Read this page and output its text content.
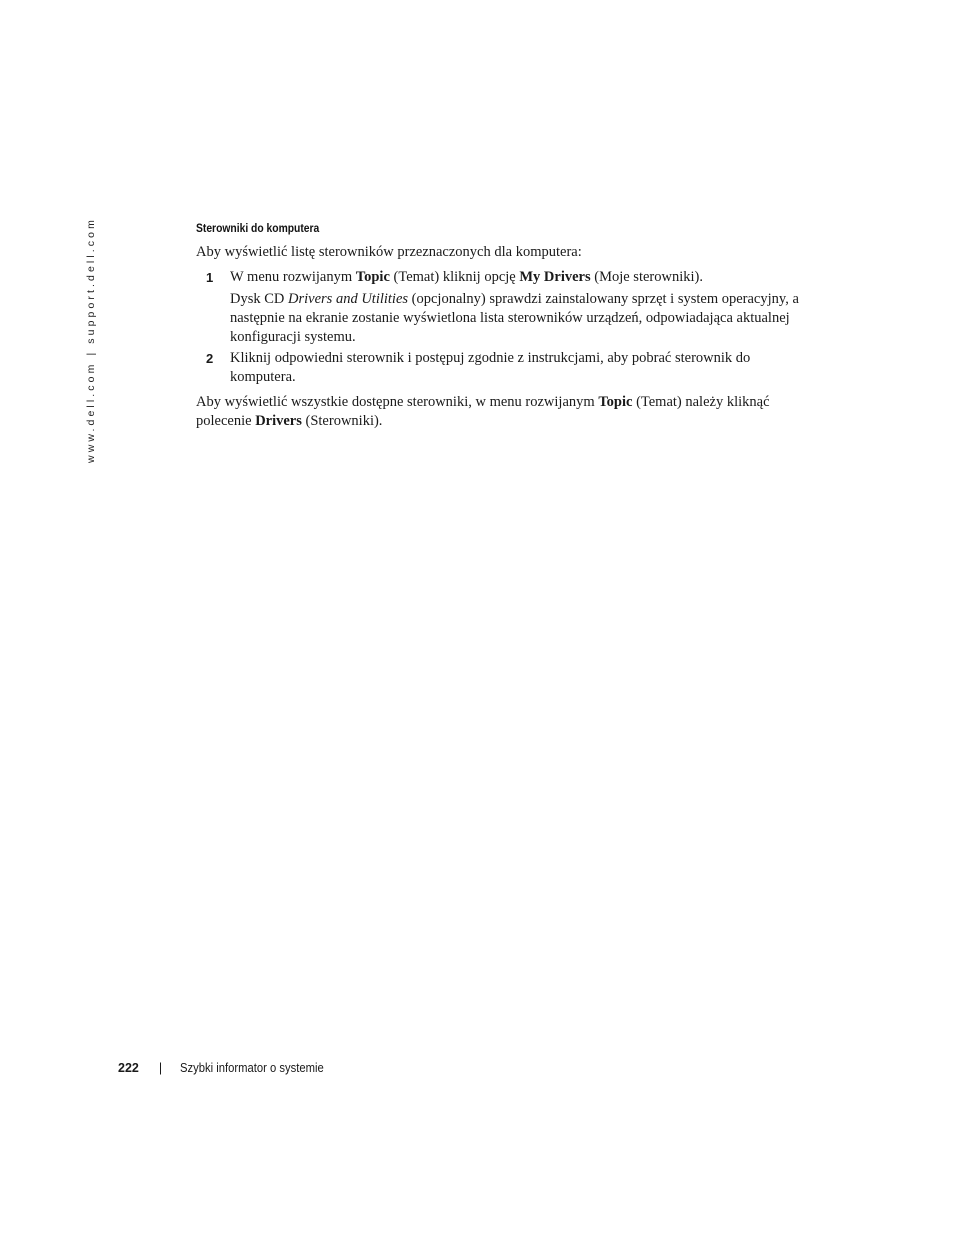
www.dell.com | support.dell.com	Sterowniki do komputera

Aby wyświetlić listę sterowników przeznaczonych dla komputera:

1 W menu rozwijanym Topic (Temat) kliknij opcję My Drivers (Moje sterowniki).
Dysk CD Drivers and Utilities (opcjonalny) sprawdzi zainstalowany sprzęt i system operacyjny, a następnie na ekranie zostanie wyświetlona lista sterowników urządzeń, odpowiadająca aktualnej konfiguracji systemu.
2 Kliknij odpowiedni sterownik i postępuj zgodnie z instrukcjami, aby pobrać sterownik do komputera.

Aby wyświetlić wszystkie dostępne sterowniki, w menu rozwijanym Topic (Temat) należy kliknąć polecenie Drivers (Sterowniki).

222 | Szybki informator o systemie
